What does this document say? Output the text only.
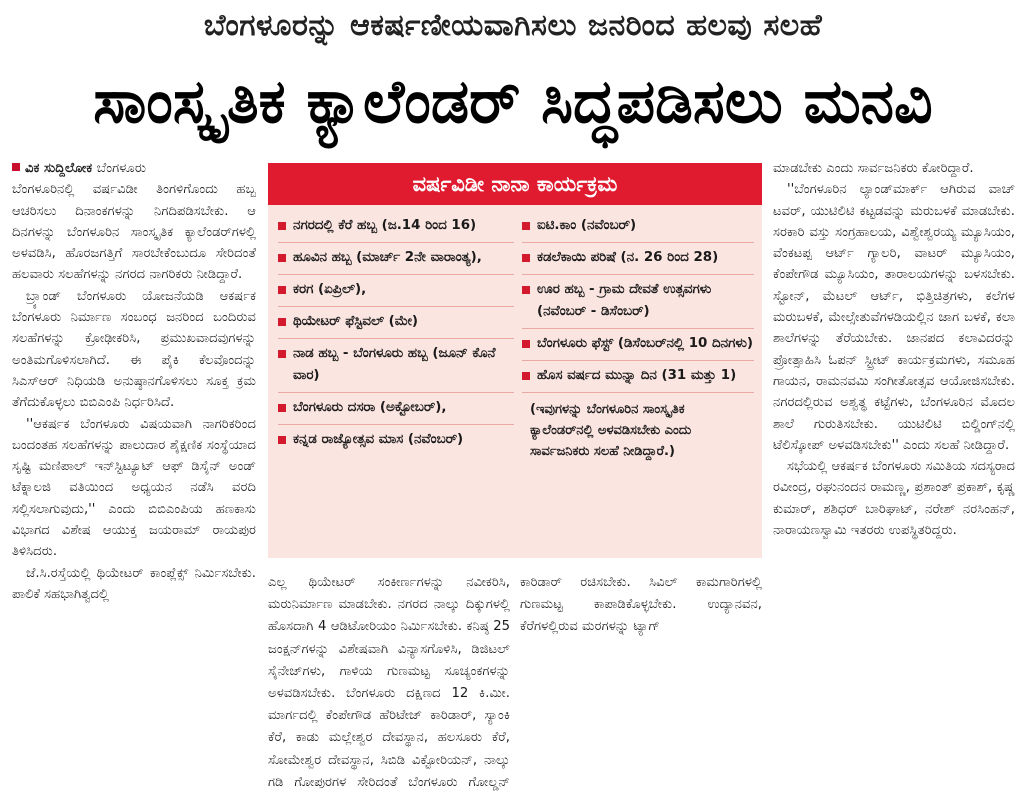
ಬೆಂಗಳೂರನ್ನು ಆಕರ್ಷಣೀಯವಾಗಿಸಲು ಜನರಿಂದ ಹಲವು ಸಲಹೆ
ಸಾಂಸ್ಕೃತಿಕ ಕ್ಯಾಲೆಂಡರ್ ಸಿದ್ಧಪಡಿಸಲು ಮನವಿ

ವಿಕ ಸುದ್ದಿಲೋಕ ಬೆಂಗಳೂರು

ಬೆಂಗಳೂರಿನಲ್ಲಿ ವರ್ಷವಿಡೀ ತಿಂಗಳಿಗೊಂದು ಹಬ್ಬ ಆಚರಿಸಲು ದಿನಾಂಕಗಳನ್ನು ನಿಗದಿಪಡಿಸಬೇಕು. ಆ ದಿನಗಳನ್ನು ಬೆಂಗಳೂರಿನ ಸಾಂಸ್ಕೃತಿಕ ಕ್ಯಾಲೆಂಡರ್‌ಗಳಲ್ಲಿ ಅಳವಡಿಸಿ, ಹೊರಜಗತ್ತಿಗೆ ಸಾರಬೇಕೆಂಬುದೂ ಸೇರಿದಂತೆ ಹಲವಾರು ಸಲಹೆಗಳನ್ನು ನಗರದ ನಾಗರಿಕರು ನೀಡಿದ್ದಾರೆ.

ಬ್ರ್ಯಾಂಡ್ ಬೆಂಗಳೂರು ಯೋಜನೆಯಡಿ ಆಕರ್ಷಕ ಬೆಂಗಳೂರು ನಿರ್ಮಾಣ ಸಂಬಂಧ ಜನರಿಂದ ಬಂದಿರುವ ಸಲಹೆಗಳನ್ನು ಕ್ರೋಢೀಕರಿಸಿ, ಪ್ರಮುಖವಾದವುಗಳನ್ನು ಅಂತಿಮಗೊಳಿಸಲಾಗಿದೆ. ಈ ಪೈಕಿ ಕೆಲವೊಂದನ್ನು ಸಿಎಸ್‌ಆರ್ ನಿಧಿಯಡಿ ಅನುಷ್ಠಾನಗೊಳಿಸಲು ಸೂಕ್ತ ಕ್ರಮ ತೆಗೆದುಕೊಳ್ಳಲು ಬಿಬಿಎಂಪಿ ನಿರ್ಧರಿಸಿದೆ.

''ಆಕರ್ಷಕ ಬೆಂಗಳೂರು ವಿಷಯವಾಗಿ ನಾಗರಿಕರಿಂದ ಬಂದಂತಹ ಸಲಹೆಗಳನ್ನು ಪಾಲುದಾರ ಶೈಕ್ಷಣಿಕ ಸಂಸ್ಥೆಯಾದ ಸೃಷ್ಟಿ ಮಣಿಪಾಲ್ ಇನ್‌ಸ್ಟಿಟ್ಯೂಟ್ ಆಫ್ ಡಿಸೈನ್ ಅಂಡ್ ಟೆಕ್ನಾಲಜಿ ವತಿಯಿಂದ ಅಧ್ಯಯನ ನಡೆಸಿ ವರದಿ ಸಲ್ಲಿಸಲಾಗುವುದು,'' ಎಂದು ಬಿಬಿಎಂಪಿಯ ಹಣಕಾಸು ವಿಭಾಗದ ವಿಶೇಷ ಆಯುಕ್ತ ಜಯರಾಮ್ ರಾಯಪುರ ತಿಳಿಸಿದರು.

ಜೆ.ಸಿ.ರಸ್ತೆಯಲ್ಲಿ ಥಿಯೇಟರ್ ಕಾಂಪ್ಲೆಕ್ಸ್ ನಿರ್ಮಿಸಬೇಕು. ಪಾಲಿಕೆ ಸಹಭಾಗಿತ್ವದಲ್ಲಿ

ವರ್ಷವಿಡೀ ನಾನಾ ಕಾರ್ಯಕ್ರಮ
ನಗರದಲ್ಲಿ ಕೆರೆ ಹಬ್ಬ (ಜ.14 ರಿಂದ 16)
ಹೂವಿನ ಹಬ್ಬ (ಮಾರ್ಚ್ 2ನೇ ವಾರಾಂತ್ಯ),
ಕರಗ (ಏಪ್ರಿಲ್),
ಥಿಯೇಟರ್ ಫೆಸ್ಟಿವಲ್ (ಮೇ)
ನಾಡ ಹಬ್ಬ - ಬೆಂಗಳೂರು ಹಬ್ಬ (ಜೂನ್ ಕೊನೆ ವಾರ)
ಬೆಂಗಳೂರು ದಸರಾ (ಅಕ್ಟೋಬರ್),
ಕನ್ನಡ ರಾಜ್ಯೋತ್ಸವ ಮಾಸ (ನವೆಂಬರ್)
ಐಟಿ.ಕಾಂ (ನವೆಂಬರ್)
ಕಡಲೆಕಾಯಿ ಪರಿಷೆ (ನ. 26 ರಿಂದ 28)
ಊರ ಹಬ್ಬ - ಗ್ರಾಮ ದೇವತೆ ಉತ್ಸವಗಳು (ನವೆಂಬರ್ - ಡಿಸೆಂಬರ್)
ಬೆಂಗಳೂರು ಫೆಸ್ಟ್ (ಡಿಸೆಂಬರ್‌ನಲ್ಲಿ 10 ದಿನಗಳು)
ಹೊಸ ವರ್ಷದ ಮುನ್ನಾ ದಿನ (31 ಮತ್ತು 1)
(ಇವುಗಳನ್ನು ಬೆಂಗಳೂರಿನ ಸಾಂಸ್ಕೃತಿಕ ಕ್ಯಾಲೆಂಡರ್‌ನಲ್ಲಿ ಅಳವಡಿಸಬೇಕು ಎಂದು ಸಾರ್ವಜನಿಕರು ಸಲಹೆ ನೀಡಿದ್ದಾರೆ.)

ಎಲ್ಲ ಥಿಯೇಟರ್ ಸಂಕೀರ್ಣಗಳನ್ನು ನವೀಕರಿಸಿ, ಮರುನಿರ್ಮಾಣ ಮಾಡಬೇಕು. ನಗರದ ನಾಲ್ಕು ದಿಕ್ಕುಗಳಲ್ಲಿ ಹೊಸದಾಗಿ 4 ಆಡಿಟೋರಿಯಂ ನಿರ್ಮಿಸಬೇಕು. ಕನಿಷ್ಠ 25 ಜಂಕ್ಷನ್‌ಗಳನ್ನು ವಿಶೇಷವಾಗಿ ವಿನ್ಯಾಸಗೊಳಿಸಿ, ಡಿಜಿಟಲ್ ಸೈನೇಜ್‌ಗಳು, ಗಾಳಿಯ ಗುಣಮಟ್ಟ ಸೂಚ್ಯಂಕಗಳನ್ನು ಅಳವಡಿಸಬೇಕು. ಬೆಂಗಳೂರು ದಕ್ಷಿಣದ 12 ಕಿ.ಮೀ. ಮಾರ್ಗದಲ್ಲಿ ಕೆಂಪೇಗೌಡ ಹೆರಿಟೇಜ್ ಕಾರಿಡಾರ್, ಸ್ಯಾಂಕಿ ಕೆರೆ, ಕಾಡು ಮಲ್ಲೇಶ್ವರ ದೇವಸ್ಥಾನ, ಹಲಸೂರು ಕೆರೆ, ಸೋಮೇಶ್ವರ ದೇವಸ್ಥಾನ, ಸಿಬಿಡಿ ವಿಕ್ಟೋರಿಯನ್, ನಾಲ್ಕು ಗಡಿ ಗೋಪುರಗಳ ಸೇರಿದಂತೆ ಬೆಂಗಳೂರು ಗೋಲ್ಡನ್ ಕಾರಿಡಾರ್ ರಚಿಸಬೇಕು. ಸಿವಿಲ್ ಕಾಮಗಾರಿಗಳಲ್ಲಿ ಗುಣಮಟ್ಟ ಕಾಪಾಡಿಕೊಳ್ಳಬೇಕು. ಉದ್ಯಾನವನ, ಕೆರೆಗಳಲ್ಲಿರುವ ಮರಗಳನ್ನು ಟ್ಯಾಗ್

ಮಾಡಬೇಕು ಎಂದು ಸಾರ್ವಜನಿಕರು ಕೋರಿದ್ದಾರೆ.

''ಬೆಂಗಳೂರಿನ ಲ್ಯಾಂಡ್‌ಮಾರ್ಕ್ ಆಗಿರುವ ವಾಚ್ ಟವರ್, ಯುಟಿಲಿಟಿ ಕಟ್ಟಡವನ್ನು ಮರುಬಳಕೆ ಮಾಡಬೇಕು. ಸರಕಾರಿ ವಸ್ತು ಸಂಗ್ರಹಾಲಯ, ವಿಶ್ವೇಶ್ವರಯ್ಯ ಮ್ಯೂಸಿಯಂ, ವೆಂಕಟಪ್ಪ ಆರ್ಟ್ ಗ್ಯಾಲರಿ, ವಾಟರ್ ಮ್ಯೂಸಿಯಂ, ಕೆಂಪೇಗೌಡ ಮ್ಯೂಸಿಯಂ, ತಾರಾಲಯಗಳನ್ನು ಬಳಸಬೇಕು. ಸ್ಟೋನ್, ಮೆಟಲ್ ಆರ್ಟ್, ಭಿತ್ತಿಚಿತ್ರಗಳು, ಕಲೆಗಳ ಮರುಬಳಕೆ, ಮೇಲ್ಸೇತುವೆಗಳಡಿಯಲ್ಲಿನ ಜಾಗ ಬಳಕೆ, ಕಲಾ ಶಾಲೆಗಳನ್ನು ತೆರೆಯಬೇಕು. ಜಾನಪದ ಕಲಾವಿದರನ್ನು ಪ್ರೋತ್ಸಾಹಿಸಿ ಓಪನ್ ಸ್ಟ್ರೀಟ್ ಕಾರ್ಯಕ್ರಮಗಳು, ಸಮೂಹ ಗಾಯನ, ರಾಮನವಮಿ ಸಂಗೀತೋತ್ಸವ ಆಯೋಜಿಸಬೇಕು. ನಗರದಲ್ಲಿರುವ ಅಶ್ವತ್ಥ ಕಟ್ಟೆಗಳು, ಬೆಂಗಳೂರಿನ ಮೊದಲ ಶಾಲೆ ಗುರುತಿಸಬೇಕು. ಯುಟಿಲಿಟಿ ಬಿಲ್ಡಿಂಗ್‌ನಲ್ಲಿ ಟೆಲಿಸ್ಕೋಪ್ ಅಳವಡಿಸಬೇಕು'' ಎಂದು ಸಲಹೆ ನೀಡಿದ್ದಾರೆ.

ಸಭೆಯಲ್ಲಿ ಆಕರ್ಷಕ ಬೆಂಗಳೂರು ಸಮಿತಿಯ ಸದಸ್ಯರಾದ ರವೀಂದ್ರ, ರಘುನಂದನ ರಾಮಣ್ಣ, ಪ್ರಶಾಂತ್ ಪ್ರಕಾಶ್, ಕೃಷ್ಣ ಕುಮಾರ್, ಶಶಿಧರ್ ಬಾರಿಘಾಟ್, ನರೇಶ್ ನರಸಿಂಹನ್, ನಾರಾಯಣಸ್ವಾಮಿ ಇತರರು ಉಪಸ್ಥಿತರಿದ್ದರು.
